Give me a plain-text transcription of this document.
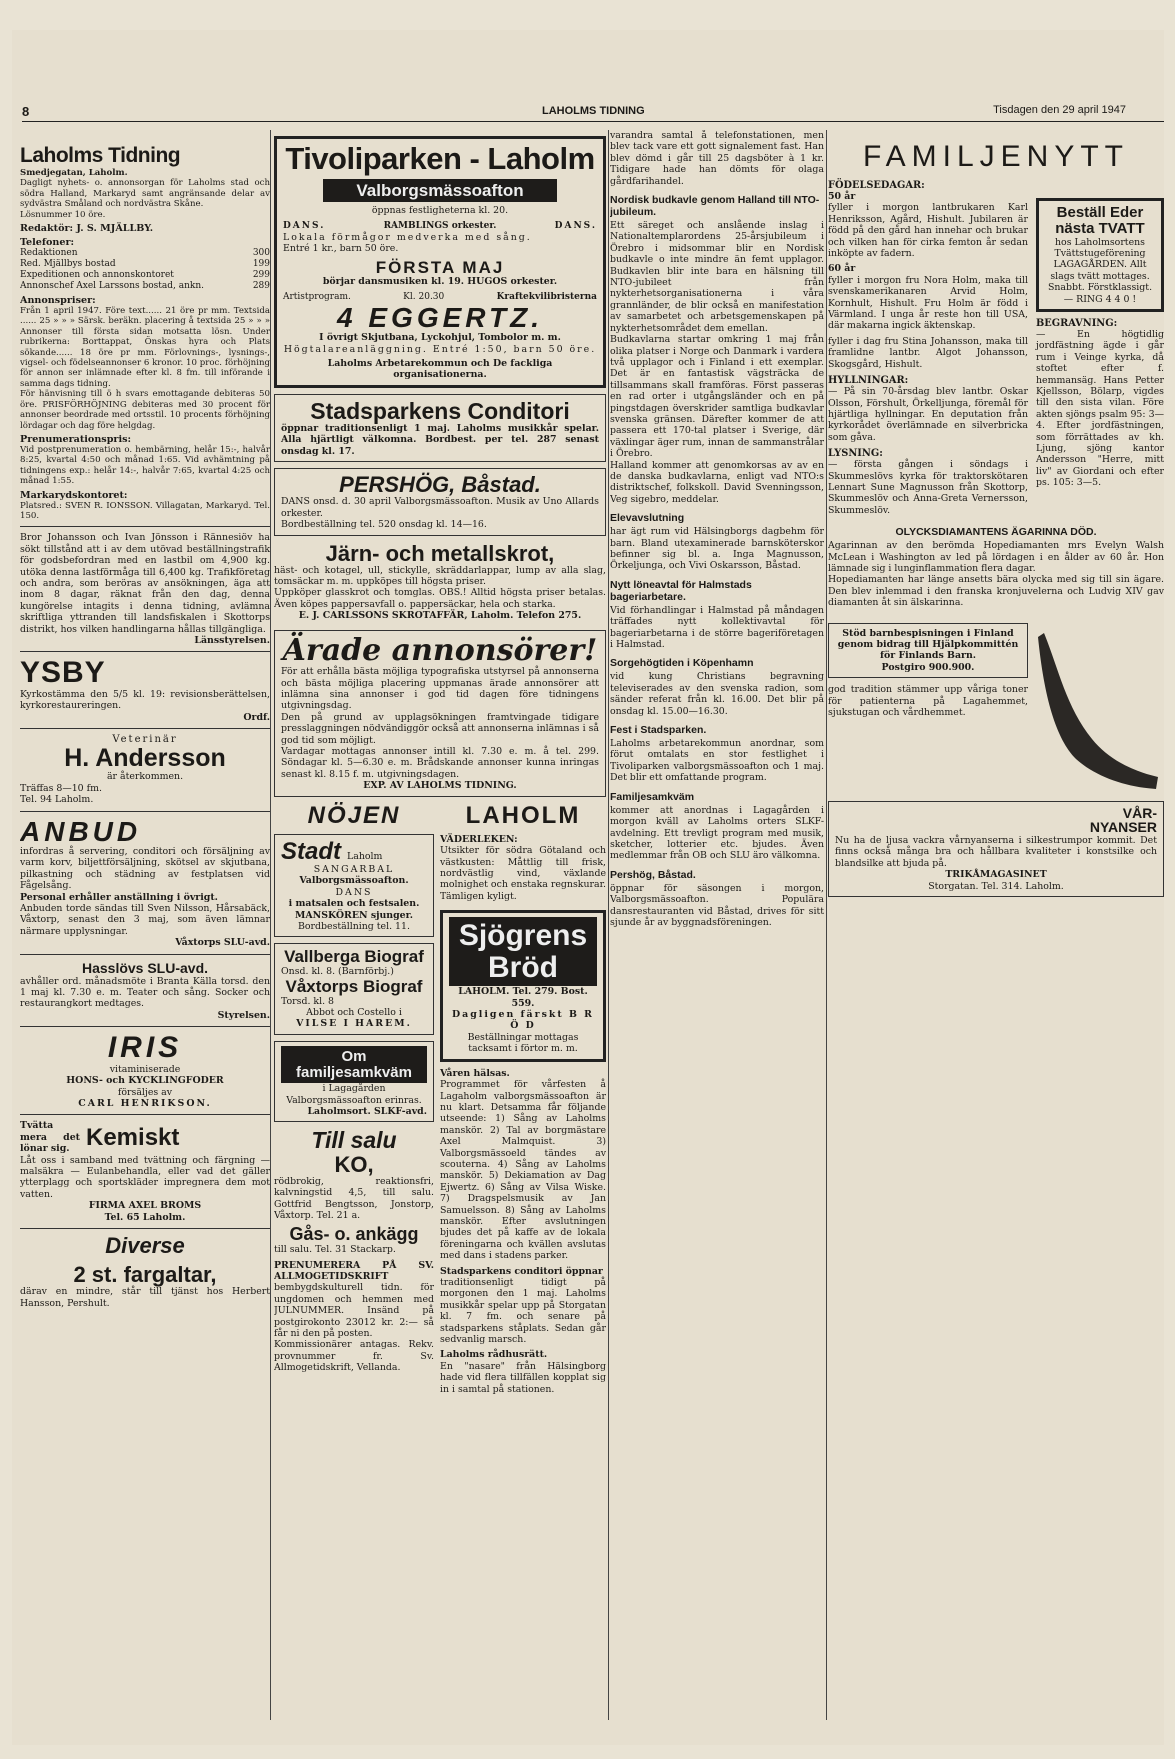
8	LAHOLMS TIDNING	Tisdagen den 29 april 1947
Laholms Tidning
Smedjegatan, Laholm.

Dagligt nyhets- o. annonsorgan för Laholms stad och södra Halland, Markaryd samt angränsande delar av sydvästra Småland och nordvästra Skåne.

Lösnummer 10 öre.

Redaktör: J. S. MJÄLLBY.
Telefoner:
Redaktionen	300
Red. Mjällbys bostad	199
Expeditionen och annonskontoret	299
Annonschef Axel Larssons bostad, ankn.	289
Annonspriser:

Från 1 april 1947. Före text...... 21 öre pr mm. Textsida ...... 25 » » » Särsk. beräkn. placering å textsida 25 » » » Annonser till första sidan motsatta lösn. Under rubrikerna: Borttappat, Önskas hyra och Plats sökande...... 18 öre pr mm. Förlovnings-, lysnings-, vigsel- och födelseannonser 6 kronor. 10 proc. förhöjning för annon ser inlämnade efter kl. 8 fm. till införande i samma dags tidning.

För hänvisning till ö h svars emottagande debiteras 50 öre. PRISFÖRHÖJNING debiteras med 30 procent för annonser beordrade med ortsstil. 10 procents förhöjning lördagar och dag före helgdag.

Prenumerationspris:

Vid postprenumeration o. hembärning, helår 15:-, halvår 8:25, kvartal 4:50 och månad 1:65. Vid avhämtning på tidningens exp.: helår 14:-, halvår 7:65, kvartal 4:25 och månad 1:55.

Markarydskontoret:

Platsred.: SVEN R. IONSSON. Villagatan, Markaryd. Tel. 150.

Bror Johansson och Ivan Jönsson i Rännesiöv ha sökt tillstånd att i av dem utövad beställningstrafik för godsbefordran med en lastbil om 4,900 kg. utöka denna lastförmåga till 6,400 kg. Trafikföretag och andra, som beröras av ansökningen, äga att inom 8 dagar, räknat från den dag, denna kungörelse intagits i denna tidning, avlämna skriftliga yttranden till landsfiskalen i Skottorps distrikt, hos vilken handlingarna hållas tillgängliga.

Länsstyrelsen.
YSBY

Kyrkostämma den 5/5 kl. 19: revisionsberättelsen, kyrkorestaureringen.

Ordf.
Veterinär
H. Andersson
är återkommen.
Träffas 8—10 fm.
Tel. 94 Laholm.
ANBUD

infordras å servering, conditori och försäljning av varm korv, biljettförsäljning, skötsel av skjutbana, pilkastning och städning av festplatsen vid Fågelsång.

Personal erhåller anställning i övrigt.

Anbuden torde sändas till Sven Nilsson, Hårsabäck, Våxtorp, senast den 3 maj, som även lämnar närmare upplysningar.

Våxtorps SLU-avd.
Hasslövs SLU-avd.

avhåller ord. månadsmöte i Branta Källa torsd. den 1 maj kl. 7.30 e. m. Teater och sång. Socker och restaurangkort medtages.

Styrelsen.
IRIS
vitaminiserade
HONS- och KYCKLINGFODER
försäljes av
CARL HENRIKSON.
Tvätta mera det lönar sig. Kemiskt

Låt oss i samband med tvättning och färgning — malsäkra — Eulanbehandla, eller vad det gäller ytterplagg och sportskläder impregnera dem mot vatten.

FIRMA AXEL BROMS
Tel. 65 Laholm.
Diverse
2 st. fargaltar,

därav en mindre, står till tjänst hos Herbert Hansson, Pershult.

Tivoliparken - Laholm
Valborgsmässoafton
öppnas festligheterna kl. 20.
DANS.	RAMBLINGS orkester.	DANS.
Lokala förmågor medverka med sång.
Entré 1 kr., barn 50 öre.
FÖRSTA MAJ
börjar dansmusiken kl. 19. HUGOS orkester.
Artistprogram.	Kl. 20.30	Kraftekvilibristerna
4 EGGERTZ.
I övrigt Skjutbana, Lyckohjul, Tombolor m. m.
Högtalareanläggning. Entré 1:50, barn 50 öre.
Laholms Arbetarekommun och De fackliga organisationerna.
Stadsparkens Conditori

öppnar traditionsenligt 1 maj. Laholms musikkår spelar. Alla hjärtligt välkomna. Bordbest. per tel. 287 senast onsdag kl. 17.

PERSHÖG, Båstad.

DANS onsd. d. 30 april Valborgsmässoafton. Musik av Uno Allards orkester.

Bordbeställning tel. 520 onsdag kl. 14—16.

Järn- och metallskrot,

häst- och kotagel, ull, stickylle, skräddarlappar, lump av alla slag, tomsäckar m. m. uppköpes till högsta priser.

Uppköper glasskrot och tomglas. OBS.! Alltid högsta priser betalas. Även köpes pappersavfall o. pappersäckar, hela och starka.

E. J. CARLSSONS SKROTAFFÄR, Laholm. Telefon 275.
Ärade annonsörer!

För att erhålla bästa möjliga typografiska utstyrsel på annonserna och bästa möjliga placering uppmanas ärade annonsörer att inlämna sina annonser i god tid dagen före tidningens utgivningsdag.

Den på grund av upplagsökningen framtvingade tidigare presslaggningen nödvändiggör också att annonserna inlämnas i så god tid som möjligt.

Vardagar mottagas annonser intill kl. 7.30 e. m. å tel. 299. Söndagar kl. 5—6.30 e. m. Brådskande annonser kunna inringas senast kl. 8.15 f. m. utgivningsdagen.

EXP. AV LAHOLMS TIDNING.
NÖJEN
Stadt Laholm
SANGARBAL
Valborgsmässoafton.
DANS
i matsalen och festsalen.
MANSKÖREN sjunger.
Bordbeställning tel. 11.
Vallberga Biograf
Onsd. kl. 8. (Barnförbj.)
Våxtorps Biograf
Torsd. kl. 8
Abbot och Costello i
VILSE I HAREM.
Om familjesamkväm
i Lagagården Valborgsmässoafton erinras.
Laholmsort. SLKF-avd.
Till salu
KO,

rödbrokig, reaktionsfri, kalvningstid 4,5, till salu. Gottfrid Bengtsson, Jonstorp, Våxtorp. Tel. 21 a.

Gås- o. ankägg

till salu. Tel. 31 Stackarp.

PRENUMERERA PÅ SV. ALLMOGETIDSKRIFT

bembygdskulturell tidn. för ungdomen och hemmen med JULNUMMER. Insänd på postgirokonto 23012 kr. 2:— så får ni den på posten.

Kommissionärer antagas. Rekv. provnummer fr. Sv. Allmogetidskrift, Vellanda.

LAHOLM
VÄDERLEKEN:

Utsikter för södra Götaland och västkusten: Måttlig till frisk, nordvästlig vind, växlande molnighet och enstaka regnskurar. Tämligen kyligt.

Sjögrens Bröd
LAHOLM. Tel. 279. Bost. 559.
Dagligen färskt B R Ö D
Beställningar mottagas tacksamt i förtor m. m.
Våren hälsas.

Programmet för vårfesten å Lagaholm valborgsmässoafton är nu klart. Detsamma får följande utseende: 1) Sång av Laholms manskör. 2) Tal av borgmästare Axel Malmquist. 3) Valborgsmässoeld tändes av scouterna. 4) Sång av Laholms manskör. 5) Dekiamation av Dag Ejwertz. 6) Sång av Vilsa Wiske. 7) Dragspelsmusik av Jan Samuelsson. 8) Sång av Laholms manskör. Efter avslutningen bjudes det på kaffe av de lokala föreningarna och kvällen avslutas med dans i stadens parker.

Stadsparkens conditori öppnar

traditionsenligt tidigt på morgonen den 1 maj. Laholms musikkår spelar upp på Storgatan kl. 7 fm. och senare på stadsparkens ståplats. Sedan går sedvanlig marsch.

Laholms rådhusrätt.

En "nasare" från Hälsingborg hade vid flera tillfällen kopplat sig in i samtal på stationen.

varandra samtal å telefonstationen, men blev tack vare ett gott signalement fast. Han blev dömd i går till 25 dagsböter à 1 kr. Tidigare hade han dömts för olaga gårdfarihandel.

Nordisk budkavle genom Halland till NTO-jubileum.

Ett säreget och anslående inslag i Nationaltemplarordens 25-årsjubileum i Örebro i midsommar blir en Nordisk budkavle o inte mindre än femt upplagor. Budkavlen blir inte bara en hälsning till NTO-jubileet från nykterhetsorganisationerna i våra grannländer, de blir också en manifestation av samarbetet och arbetsgemenskapen på nykterhetsområdet dem emellan.

Budkavlarna startar omkring 1 maj från olika platser i Norge och Danmark i vardera två upplagor och i Finland i ett exemplar. Det är en fantastisk vägsträcka de tillsammans skall framföras. Först passeras en rad orter i utgångsländer och en på pingstdagen överskrider samtliga budkavlar svenska gränsen. Därefter kommer de att passera ett 170-tal platser i Sverige, där växlingar äger rum, innan de sammanstrålar i Örebro.

Halland kommer att genomkorsas av av en de danska budkavlarna, enligt vad NTO:s distriktschef, folkskoll. David Svenningsson, Veg sigebro, meddelar.

Elevavslutning

har ägt rum vid Hälsingborgs dagbehm för barn. Bland utexaminerade barnsköterskor befinner sig bl. a. Inga Magnusson, Örkeljunga, och Vivi Oskarsson, Båstad.

Nytt löneavtal för Halmstads bageriarbetare.

Vid förhandlingar i Halmstad på måndagen träffades nytt kollektivavtal för bageriarbetarna i de större bageriföretagen i Halmstad.

Sorgehögtiden i Köpenhamn

vid kung Christians begravning televiserades av den svenska radion, som sänder referat från kl. 16.00. Det blir på onsdag kl. 15.00—16.30.

Fest i Stadsparken.

Laholms arbetarekommun anordnar, som förut omtalats en stor festlighet i Tivoliparken valborgsmässoafton och 1 maj. Det blir ett omfattande program.

Familjesamkväm

kommer att anordnas i Lagagården i morgon kväll av Laholms orters SLKF-avdelning. Ett trevligt program med musik, sketcher, lotterier etc. bjudes. Även medlemmar från OB och SLU äro välkomna.

Pershög, Båstad.

öppnar för säsongen i morgon, Valborgsmässoafton. Populära dansrestauranten vid Båstad, drives för sitt sjunde år av byggnadsföreningen.

FAMILJENYTT
FÖDELSEDAGAR:
50 år

fyller i morgon lantbrukaren Karl Henriksson, Agård, Hishult. Jubilaren är född på den gård han innehar och brukar och vilken han för cirka femton år sedan inköpte av fadern.

60 år

fyller i morgon fru Nora Holm, maka till svenskamerikanaren Arvid Holm, Kornhult, Hishult. Fru Holm är född i Värmland. I unga år reste hon till USA, där makarna ingick äktenskap.

fyller i dag fru Stina Johansson, maka till framlidne lantbr. Algot Johansson, Skogsgård, Hishult.

HYLLNINGAR:

— På sin 70-årsdag blev lantbr. Oskar Olsson, Förshult, Örkelljunga, föremål för hjärtliga hyllningar. En deputation från kyrkorådet överlämnade en silverbricka som gåva.

LYSNING:

— första gången i söndags i Skummeslövs kyrka för traktorskötaren Lennart Sune Magnusson från Skottorp, Skummeslöv och Anna-Greta Vernersson, Skummeslöv.

Beställ Eder nästa TVATT

hos Laholmsortens Tvättstugeförening LAGAGÅRDEN. Allt slags tvätt mottages. Snabbt. Förstklassigt. — RING 4 4 0 !

BEGRAVNING:

— En högtidlig jordfästning ägde i går rum i Veinge kyrka, då stoftet efter f. hemmansäg. Hans Petter Kjellsson, Bölarp, vigdes till den sista vilan. Före akten sjöngs psalm 95: 3—4. Efter jordfästningen, som förrättades av kh. Ljung, sjöng kantor Andersson "Herre, mitt liv" av Giordani och efter ps. 105: 3—5.

OLYCKSDIAMANTENS ÄGARINNA DÖD.

Agarinnan av den berömda Hopediamanten mrs Evelyn Walsh McLean i Washington av led på lördagen i en ålder av 60 år. Hon lämnade sig i lunginflammation flera dagar.

Hopediamanten har länge ansetts bära olycka med sig till sin ägare. Den blev inlemmad i den franska kronjuvelerna och Ludvig XIV gav diamanten åt sin älskarinna.

Stöd barnbespisningen i Finland genom bidrag till Hjälpkommittén för Finlands Barn.

Postgiro 900.900.

god tradition stämmer upp våriga toner för patienterna på Lagahemmet, sjukstugan och vårdhemmet.

VÅR-
NYANSER

Nu ha de ljusa vackra vårnyanserna i silkestrumpor kommit. Det finns också många bra och hållbara kvaliteter i konstsilke och blandsilke att bjuda på.

TRIKÅMAGASINET
Storgatan. Tel. 314. Laholm.
